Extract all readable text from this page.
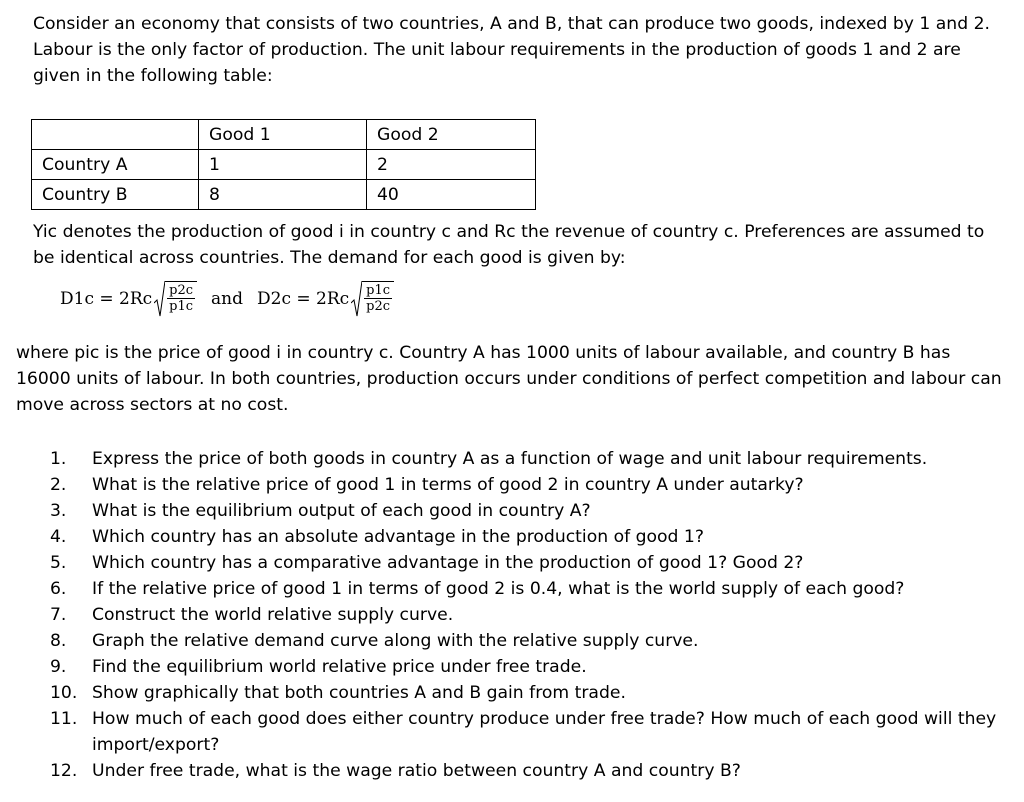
Consider an economy that consists of two countries, A and B, that can produce two goods, indexed by 1 and 2. Labour is the only factor of production. The unit labour requirements in the production of goods 1 and 2 are given in the following table:

	Good 1	Good 2
Country A	1	2
Country B	8	40

Yic denotes the production of good i in country c and Rc the revenue of country c. Preferences are assumed to be identical across countries. The demand for each good is given by:

$D1c = 2Rc \frac{p2c}{p1c}$ and $D2c = 2Rc \frac{p1c}{p2c}$

where pic is the price of good i in country c. Country A has 1000 units of labour available, and country B has 16000 units of labour. In both countries, production occurs under conditions of perfect competition and labour can move across sectors at no cost.

1.	Express the price of both goods in country A as a function of wage and unit labour requirements.
2.	What is the relative price of good 1 in terms of good 2 in country A under autarky?
3.	What is the equilibrium output of each good in country A?
4.	Which country has an absolute advantage in the production of good 1?
5.	Which country has a comparative advantage in the production of good 1? Good 2?
6.	If the relative price of good 1 in terms of good 2 is 0.4, what is the world supply of each good?
7.	Construct the world relative supply curve.
8.	Graph the relative demand curve along with the relative supply curve.
9.	Find the equilibrium world relative price under free trade.
10. Show graphically that both countries A and B gain from trade.
11. How much of each good does either country produce under free trade? How much of each good will they import/export?
12. Under free trade, what is the wage ratio between country A and country B?
